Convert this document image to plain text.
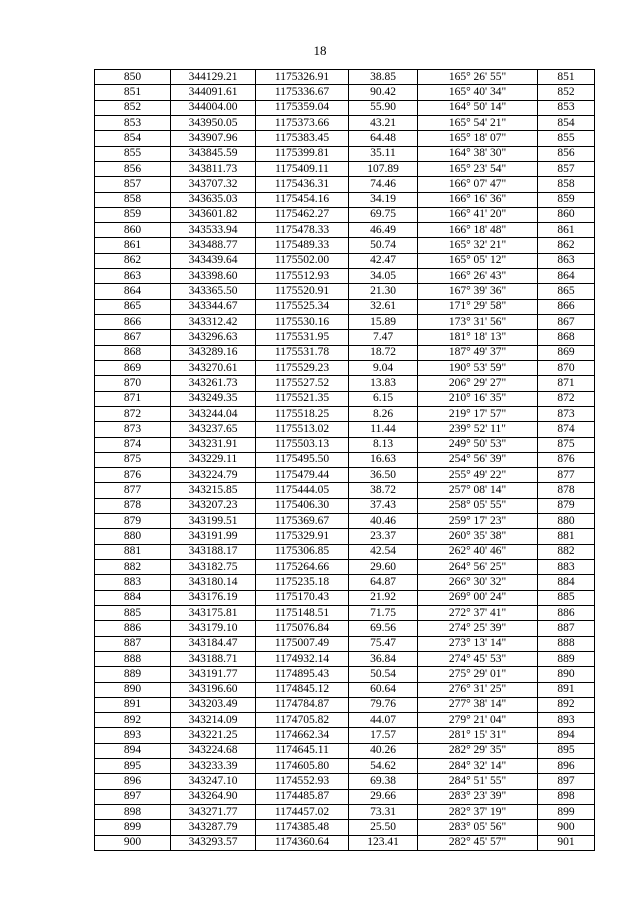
18
850	344129.21	1175326.91	38.85	165° 26' 55"	851
851	344091.61	1175336.67	90.42	165° 40' 34"	852
852	344004.00	1175359.04	55.90	164° 50' 14"	853
853	343950.05	1175373.66	43.21	165° 54' 21"	854
854	343907.96	1175383.45	64.48	165° 18' 07"	855
855	343845.59	1175399.81	35.11	164° 38' 30"	856
856	343811.73	1175409.11	107.89	165° 23' 54"	857
857	343707.32	1175436.31	74.46	166° 07' 47"	858
858	343635.03	1175454.16	34.19	166° 16' 36"	859
859	343601.82	1175462.27	69.75	166° 41' 20"	860
860	343533.94	1175478.33	46.49	166° 18' 48"	861
861	343488.77	1175489.33	50.74	165° 32' 21"	862
862	343439.64	1175502.00	42.47	165° 05' 12"	863
863	343398.60	1175512.93	34.05	166° 26' 43"	864
864	343365.50	1175520.91	21.30	167° 39' 36"	865
865	343344.67	1175525.34	32.61	171° 29' 58"	866
866	343312.42	1175530.16	15.89	173° 31' 56"	867
867	343296.63	1175531.95	7.47	181° 18' 13"	868
868	343289.16	1175531.78	18.72	187° 49' 37"	869
869	343270.61	1175529.23	9.04	190° 53' 59"	870
870	343261.73	1175527.52	13.83	206° 29' 27"	871
871	343249.35	1175521.35	6.15	210° 16' 35"	872
872	343244.04	1175518.25	8.26	219° 17' 57"	873
873	343237.65	1175513.02	11.44	239° 52' 11"	874
874	343231.91	1175503.13	8.13	249° 50' 53"	875
875	343229.11	1175495.50	16.63	254° 56' 39"	876
876	343224.79	1175479.44	36.50	255° 49' 22"	877
877	343215.85	1175444.05	38.72	257° 08' 14"	878
878	343207.23	1175406.30	37.43	258° 05' 55"	879
879	343199.51	1175369.67	40.46	259° 17' 23"	880
880	343191.99	1175329.91	23.37	260° 35' 38"	881
881	343188.17	1175306.85	42.54	262° 40' 46"	882
882	343182.75	1175264.66	29.60	264° 56' 25"	883
883	343180.14	1175235.18	64.87	266° 30' 32"	884
884	343176.19	1175170.43	21.92	269° 00' 24"	885
885	343175.81	1175148.51	71.75	272° 37' 41"	886
886	343179.10	1175076.84	69.56	274° 25' 39"	887
887	343184.47	1175007.49	75.47	273° 13' 14"	888
888	343188.71	1174932.14	36.84	274° 45' 53"	889
889	343191.77	1174895.43	50.54	275° 29' 01"	890
890	343196.60	1174845.12	60.64	276° 31' 25"	891
891	343203.49	1174784.87	79.76	277° 38' 14"	892
892	343214.09	1174705.82	44.07	279° 21' 04"	893
893	343221.25	1174662.34	17.57	281° 15' 31"	894
894	343224.68	1174645.11	40.26	282° 29' 35"	895
895	343233.39	1174605.80	54.62	284° 32' 14"	896
896	343247.10	1174552.93	69.38	284° 51' 55"	897
897	343264.90	1174485.87	29.66	283° 23' 39"	898
898	343271.77	1174457.02	73.31	282° 37' 19"	899
899	343287.79	1174385.48	25.50	283° 05' 56"	900
900	343293.57	1174360.64	123.41	282° 45' 57"	901
